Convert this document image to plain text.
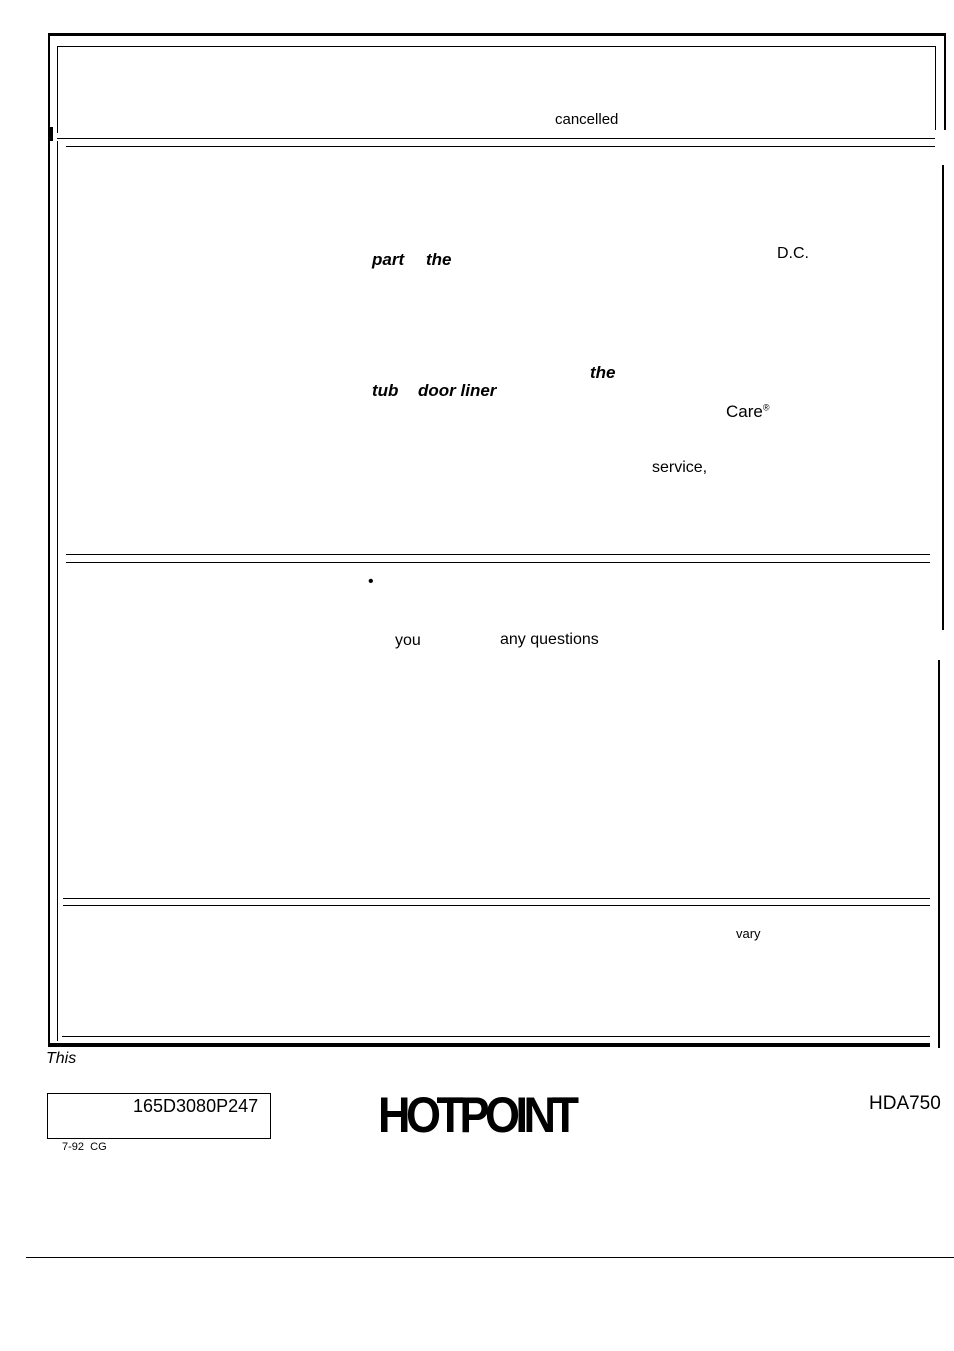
cancelled
part the	D.C.
the
tub door liner
Care®
service,
•
you	any questions
vary
This
165D3080P247
7-92  CG
HOTPOINT	HDA750
